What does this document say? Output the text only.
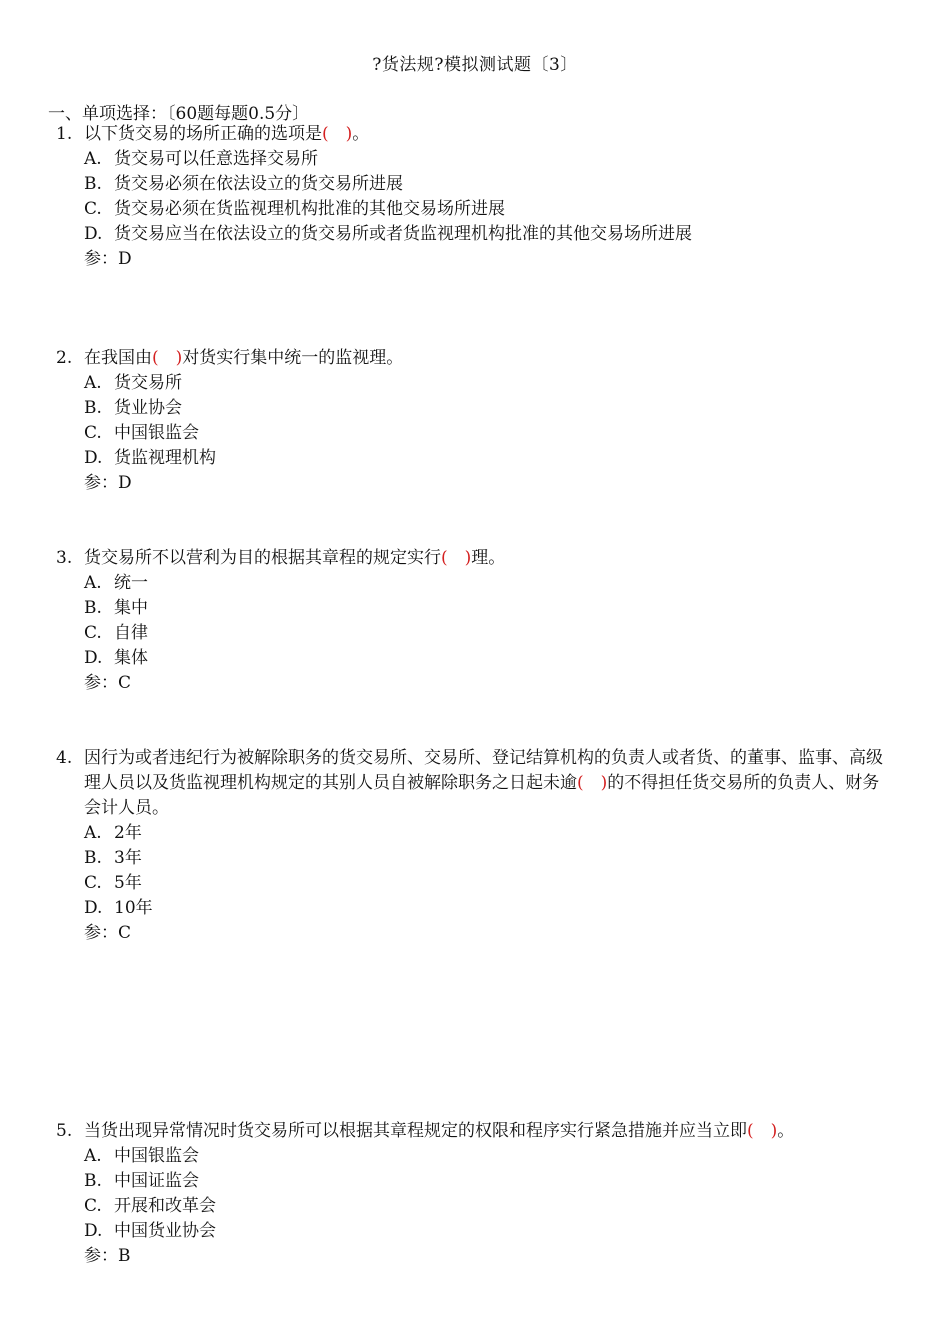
?货法规?模拟测试题〔3〕
一、单项选择：〔60题每题0.5分〕
1. 以下货交易的场所正确的选项是(　)。
A. 货交易可以任意选择交易所
B. 货交易必须在依法设立的货交易所进展
C. 货交易必须在货监视理机构批准的其他交易场所进展
D. 货交易应当在依法设立的货交易所或者货监视理机构批准的其他交易场所进展
参：D
2. 在我国由(　)对货实行集中统一的监视理。
A. 货交易所
B. 货业协会
C. 中国银监会
D. 货监视理机构
参：D
3. 货交易所不以营利为目的根据其章程的规定实行(　)理。
A. 统一
B. 集中
C. 自律
D. 集体
参：C
4. 因行为或者违纪行为被解除职务的货交易所、交易所、登记结算机构的负责人或者货、的董事、监事、高级理人员以及货监视理机构规定的其别人员自被解除职务之日起未逾(　)的不得担任货交易所的负责人、财务会计人员。
A. 2年
B. 3年
C. 5年
D. 10年
参：C
5. 当货出现异常情况时货交易所可以根据其章程规定的权限和程序实行紧急措施并应当立即(　)。
A. 中国银监会
B. 中国证监会
C. 开展和改革会
D. 中国货业协会
参：B
